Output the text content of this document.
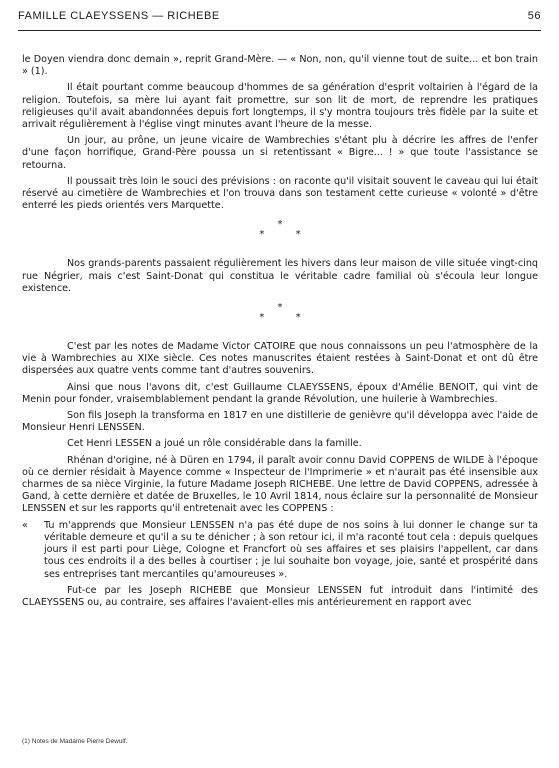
FAMILLE CLAEYSSENS — RICHEBE	56

le Doyen viendra donc demain », reprit Grand-Mère. — « Non, non, qu'il vienne tout de suite... et bon train » (1).

Il était pourtant comme beaucoup d'hommes de sa génération d'esprit voltairien à l'égard de la religion. Toutefois, sa mère lui ayant fait promettre, sur son lit de mort, de reprendre les pratiques religieuses qu'il avait abandonnées depuis fort longtemps, il s'y montra toujours très fidèle par la suite et arrivait régulièrement à l'église vingt minutes avant l'heure de la messe.

Un jour, au prône, un jeune vicaire de Wambrechies s'étant plu à décrire les affres de l'enfer d'une façon horrifique, Grand-Père poussa un si retentissant « Bigre... ! » que toute l'assistance se retourna.

Il poussait très loin le souci des prévisions : on raconte qu'il visitait souvent le caveau qui lui était réservé au cimetière de Wambrechies et l'on trouva dans son testament cette curieuse « volonté » d'être enterré les pieds orientés vers Marquette.

*
* *

Nos grands-parents passaient régulièrement les hivers dans leur maison de ville située vingt-cinq rue Négrier, mais c'est Saint-Donat qui constitua le véritable cadre familial où s'écoula leur longue existence.

*
* *

C'est par les notes de Madame Victor CATOIRE que nous connaissons un peu l'atmosphère de la vie à Wambrechies au XIXe siècle. Ces notes manuscrites étaient restées à Saint-Donat et ont dû être dispersées aux quatre vents comme tant d'autres souvenirs.

Ainsi que nous l'avons dit, c'est Guillaume CLAEYSSENS, époux d'Amélie BENOIT, qui vint de Menin pour fonder, vraisemblablement pendant la grande Révolution, une huilerie à Wambrechies.

Son fils Joseph la transforma en 1817 en une distillerie de genièvre qu'il développa avec l'aide de Monsieur Henri LENSSEN.

Cet Henri LESSEN a joué un rôle considérable dans la famille.

Rhénan d'origine, né à Düren en 1794, il paraît avoir connu David COPPENS de WILDE à l'époque où ce dernier résidait à Mayence comme « Inspecteur de l'Imprimerie » et n'aurait pas été insensible aux charmes de sa nièce Virginie, la future Madame Joseph RICHEBE. Une lettre de David COPPENS, adressée à Gand, à cette dernière et datée de Bruxelles, le 10 Avril 1814, nous éclaire sur la personnalité de Monsieur LENSSEN et sur les rapports qu'il entretenait avec les COPPENS :

« Tu m'apprends que Monsieur LENSSEN n'a pas été dupe de nos soins à lui donner le change sur ta véritable demeure et qu'il a su te dénicher ; à son retour ici, il m'a raconté tout cela : depuis quelques jours il est parti pour Liège, Cologne et Francfort où ses affaires et ses plaisirs l'appellent, car dans tous ces endroits il a des belles à courtiser ; je lui souhaite bon voyage, joie, santé et prospérité dans ses entreprises tant mercantiles qu'amoureuses ».

Fut-ce par les Joseph RICHEBE que Monsieur LENSSEN fut introduit dans l'intimité des CLAEYSSENS ou, au contraire, ses affaires l'avaient-elles mis antérieurement en rapport avec

(1) Notes de Madame Pierre Dewulf.
